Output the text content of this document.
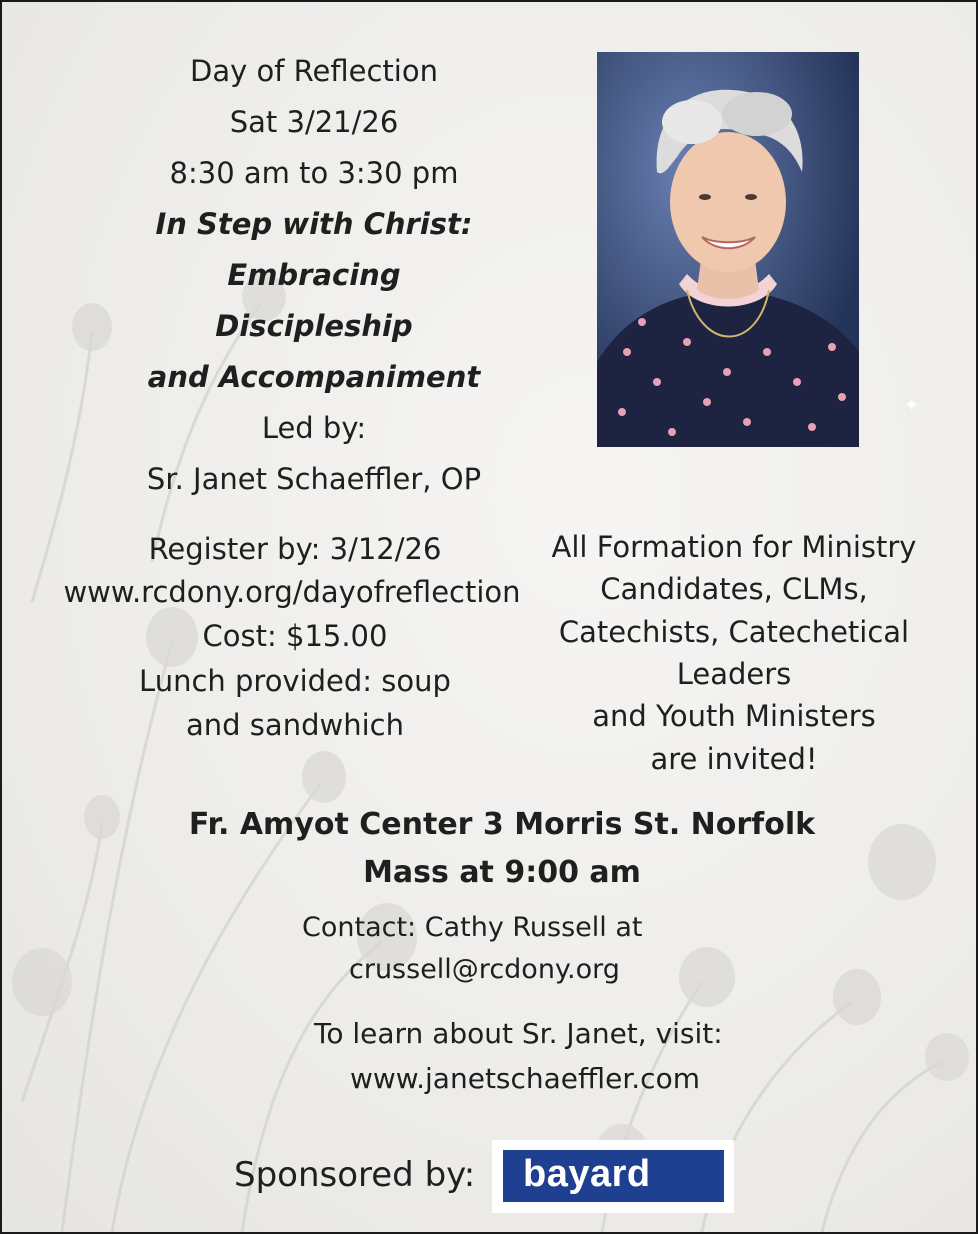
Day of Reflection
Sat 3/21/26
8:30 am to 3:30 pm
In Step with Christ:
Embracing
Discipleship
and Accompaniment
Led by:
Sr. Janet Schaeffler, OP
✦
Register by: 3/12/26
www.rcdony.org/dayofreflection
Cost: $15.00
Lunch provided: soup
and sandwhich
All Formation for Ministry
Candidates, CLMs,
Catechists, Catechetical
Leaders
and Youth Ministers
are invited!
Fr. Amyot Center 3 Morris St. Norfolk
Mass at 9:00 am
Contact: Cathy Russell at
crussell@rcdony.org
To learn about Sr. Janet, visit:
www.janetschaeffler.com
Sponsored by: bayard
